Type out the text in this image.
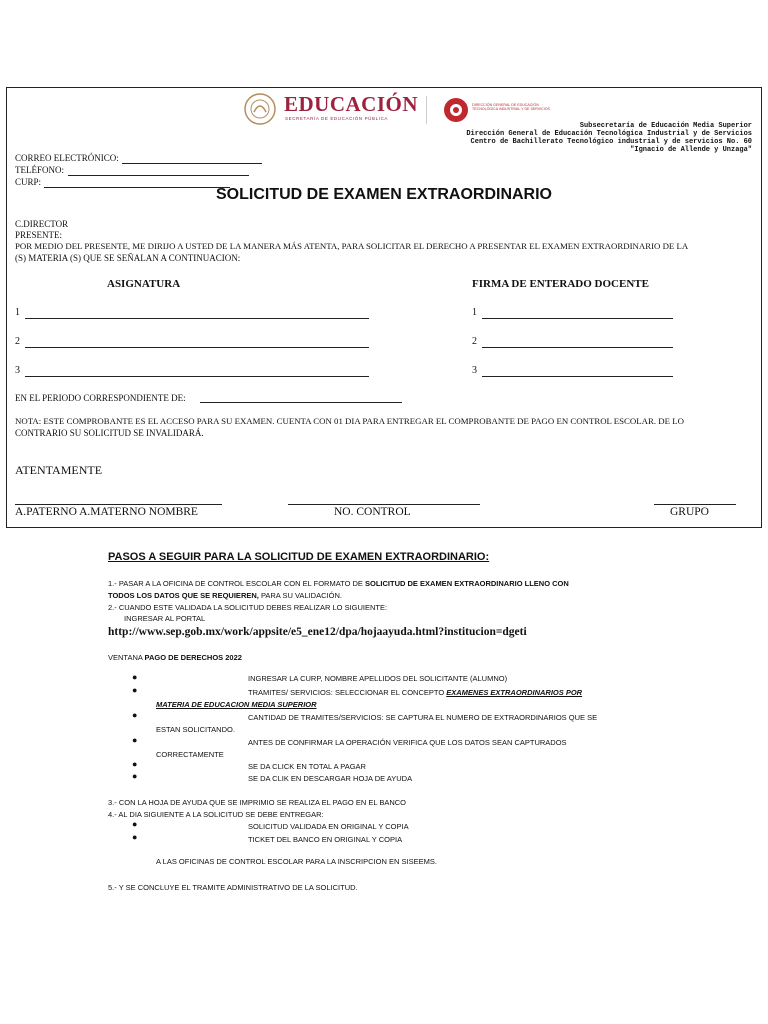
EDUCACIÓN
SECRETARÍA DE EDUCACIÓN PÚBLICA
DIRECCIÓN GENERAL DE EDUCACIÓN TECNOLÓGICA INDUSTRIAL Y DE SERVICIOS
Subsecretaría de Educación Media Superior
Dirección General de Educación Tecnológica Industrial y de Servicios
Centro de Bachillerato Tecnológico industrial y de servicios No. 60
"Ignacio de Allende y Unzaga"
CORREO ELECTRÓNICO:
TELÉFONO:
CURP:
SOLICITUD DE EXAMEN EXTRAORDINARIO
C.DIRECTOR
PRESENTE:
POR MEDIO DEL PRESENTE, ME DIRIJO A USTED DE LA MANERA MÁS ATENTA, PARA SOLICITAR EL DERECHO A PRESENTAR EL EXAMEN EXTRAORDINARIO DE LA
(S) MATERIA (S) QUE SE SEÑALAN A CONTINUACION:
ASIGNATURA	FIRMA DE ENTERADO DOCENTE
1	1
2	2
3	3
EN EL PERIODO CORRESPONDIENTE DE:
NOTA: ESTE COMPROBANTE ES EL ACCESO PARA SU EXAMEN. CUENTA CON 01 DIA PARA ENTREGAR EL COMPROBANTE DE PAGO EN CONTROL ESCOLAR. DE LO
CONTRARIO SU SOLICITUD SE INVALIDARÁ.
ATENTAMENTE
A.PATERNO A.MATERNO NOMBRE	NO. CONTROL	GRUPO
PASOS A SEGUIR PARA LA SOLICITUD DE EXAMEN EXTRAORDINARIO:
1.- PASAR A LA OFICINA DE CONTROL ESCOLAR CON EL FORMATO DE SOLICITUD DE EXAMEN EXTRAORDINARIO LLENO CON
TODOS LOS DATOS QUE SE REQUIEREN, PARA SU VALIDACIÓN.
2.- CUANDO ESTE VALIDADA LA SOLICITUD DEBES REALIZAR LO SIGUIENTE:
INGRESAR AL PORTAL
http://www.sep.gob.mx/work/appsite/e5_ene12/dpa/hojaayuda.html?institucion=dgeti
VENTANA PAGO DE DERECHOS 2022
●	INGRESAR LA CURP, NOMBRE APELLIDOS DEL SOLICITANTE (ALUMNO)
●	TRAMITES/ SERVICIOS: SELECCIONAR EL CONCEPTO EXAMENES EXTRAORDINARIOS POR
MATERIA DE EDUCACION MEDIA SUPERIOR
●	CANTIDAD DE TRAMITES/SERVICIOS: SE CAPTURA EL NUMERO DE EXTRAORDINARIOS QUE SE
ESTAN SOLICITANDO.
●	ANTES DE CONFIRMAR LA OPERACIÓN VERIFICA QUE LOS DATOS SEAN CAPTURADOS
CORRECTAMENTE
●	SE DA CLICK EN TOTAL A PAGAR
●	SE DA CLIK EN DESCARGAR HOJA DE AYUDA
3.- CON LA HOJA DE AYUDA QUE SE IMPRIMIO SE REALIZA EL PAGO EN EL BANCO
4.- AL DIA SIGUIENTE A LA SOLICITUD SE DEBE ENTREGAR:
●	SOLICITUD VALIDADA EN ORIGINAL Y COPIA
●	TICKET DEL BANCO EN ORIGINAL Y COPIA
A LAS OFICINAS DE CONTROL ESCOLAR PARA LA INSCRIPCION EN SISEEMS.
5.- Y SE CONCLUYE EL TRAMITE ADMINISTRATIVO DE LA SOLICITUD.
